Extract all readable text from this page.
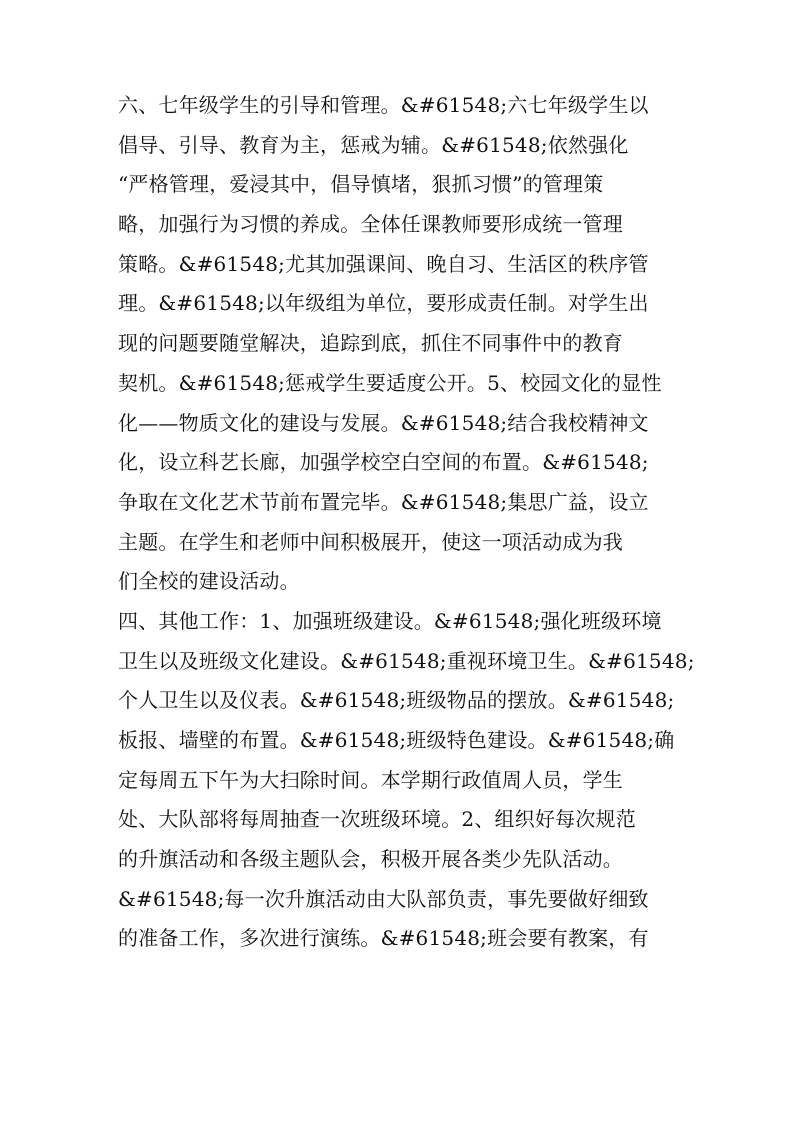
六、七年级学生的引导和管理。&#61548;六七年级学生以
倡导、引导、教育为主，惩戒为辅。&#61548;依然强化
“严格管理，爱浸其中，倡导慎堵，狠抓习惯”的管理策
略，加强行为习惯的养成。全体任课教师要形成统一管理
策略。&#61548;尤其加强课间、晚自习、生活区的秩序管
理。&#61548;以年级组为单位，要形成责任制。对学生出
现的问题要随堂解决，追踪到底，抓住不同事件中的教育
契机。&#61548;惩戒学生要适度公开。5、校园文化的显性
化——物质文化的建设与发展。&#61548;结合我校精神文
化，设立科艺长廊，加强学校空白空间的布置。&#61548;
争取在文化艺术节前布置完毕。&#61548;集思广益，设立
主题。在学生和老师中间积极展开，使这一项活动成为我
们全校的建设活动。
四、其他工作：1、加强班级建设。&#61548;强化班级环境
卫生以及班级文化建设。&#61548;重视环境卫生。&#61548;
个人卫生以及仪表。&#61548;班级物品的摆放。&#61548;
板报、墙壁的布置。&#61548;班级特色建设。&#61548;确
定每周五下午为大扫除时间。本学期行政值周人员，学生
处、大队部将每周抽查一次班级环境。2、组织好每次规范
的升旗活动和各级主题队会，积极开展各类少先队活动。
&#61548;每一次升旗活动由大队部负责，事先要做好细致
的准备工作，多次进行演练。&#61548;班会要有教案，有
